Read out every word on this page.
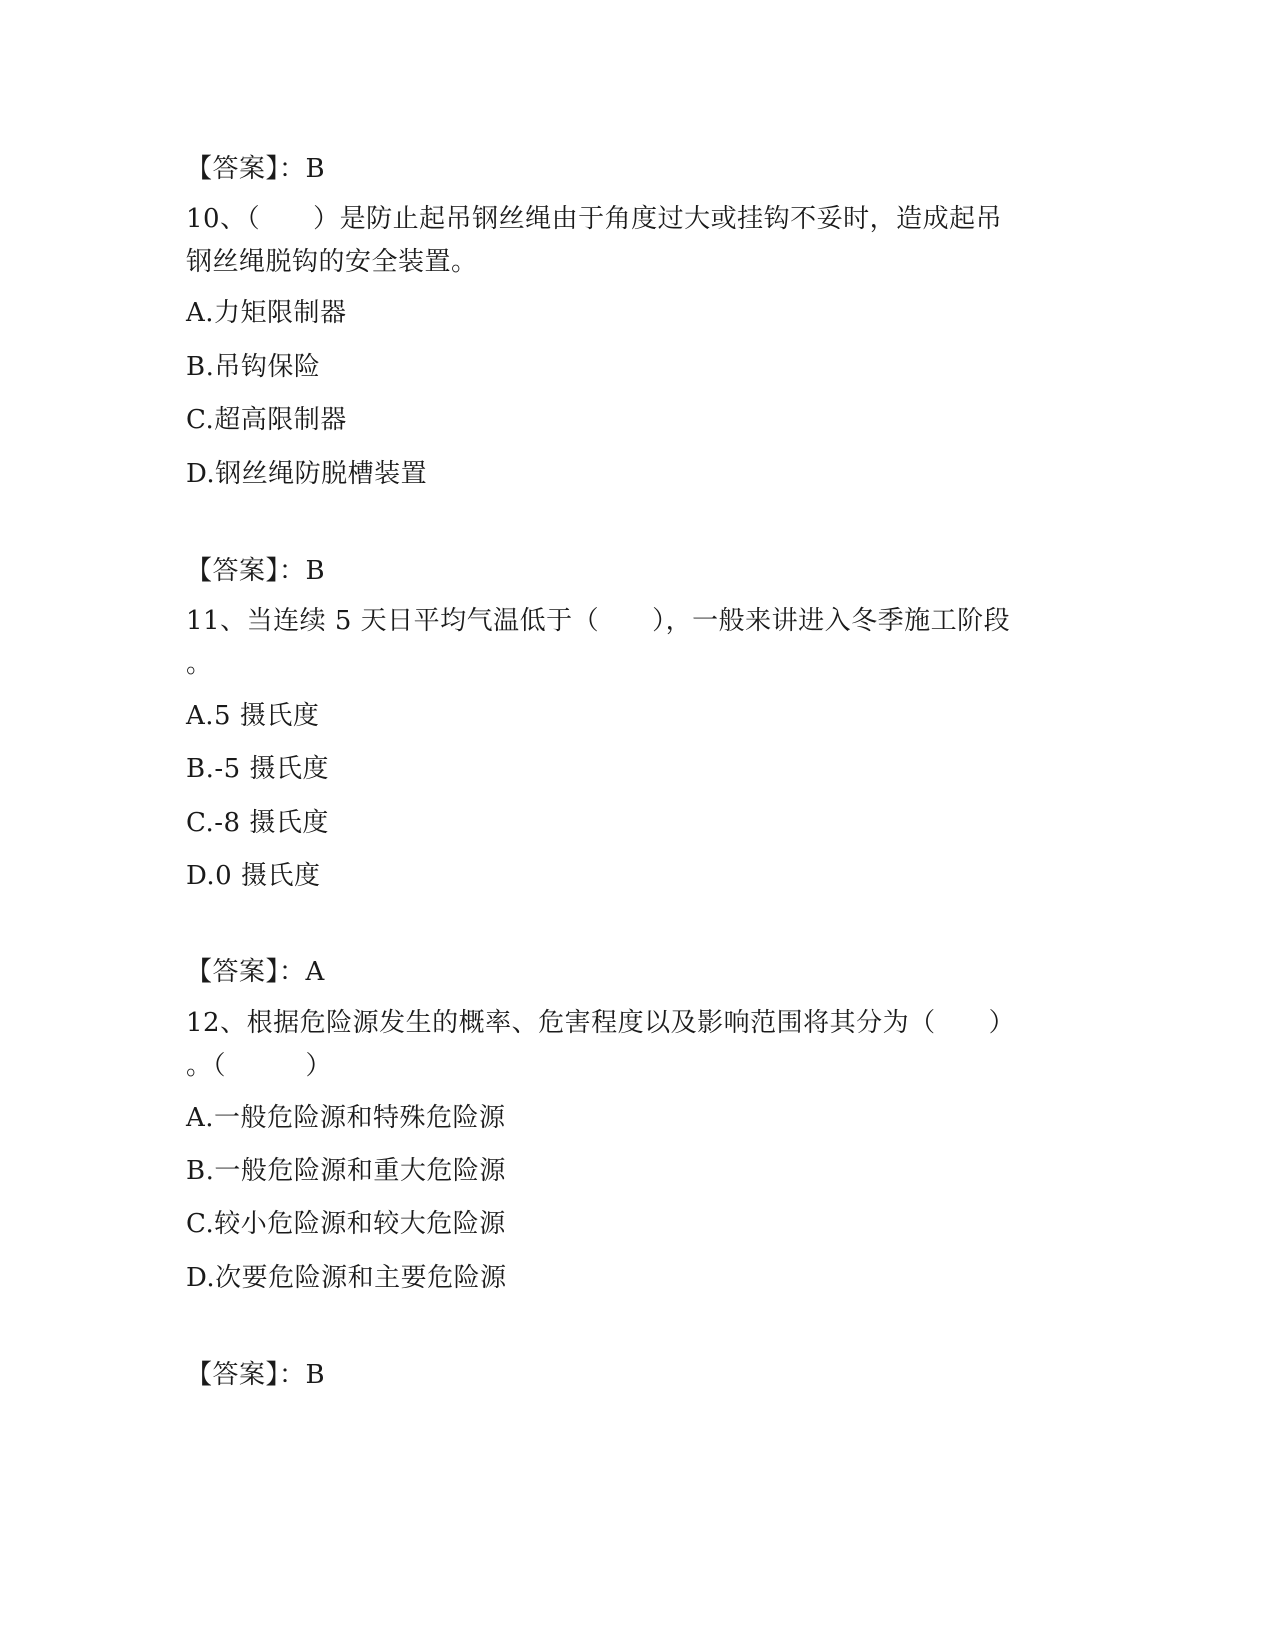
【答案】：B
10、（　　）是防止起吊钢丝绳由于角度过大或挂钩不妥时，造成起吊
钢丝绳脱钩的安全装置。
A.力矩限制器
B.吊钩保险
C.超高限制器
D.钢丝绳防脱槽装置
【答案】：B
11、当连续 5 天日平均气温低于（　　），一般来讲进入冬季施工阶段
。
A.5 摄氏度
B.-5 摄氏度
C.-8 摄氏度
D.0 摄氏度
【答案】：A
12、根据危险源发生的概率、危害程度以及影响范围将其分为（　　）
。（　　　）
A.一般危险源和特殊危险源
B.一般危险源和重大危险源
C.较小危险源和较大危险源
D.次要危险源和主要危险源
【答案】：B
